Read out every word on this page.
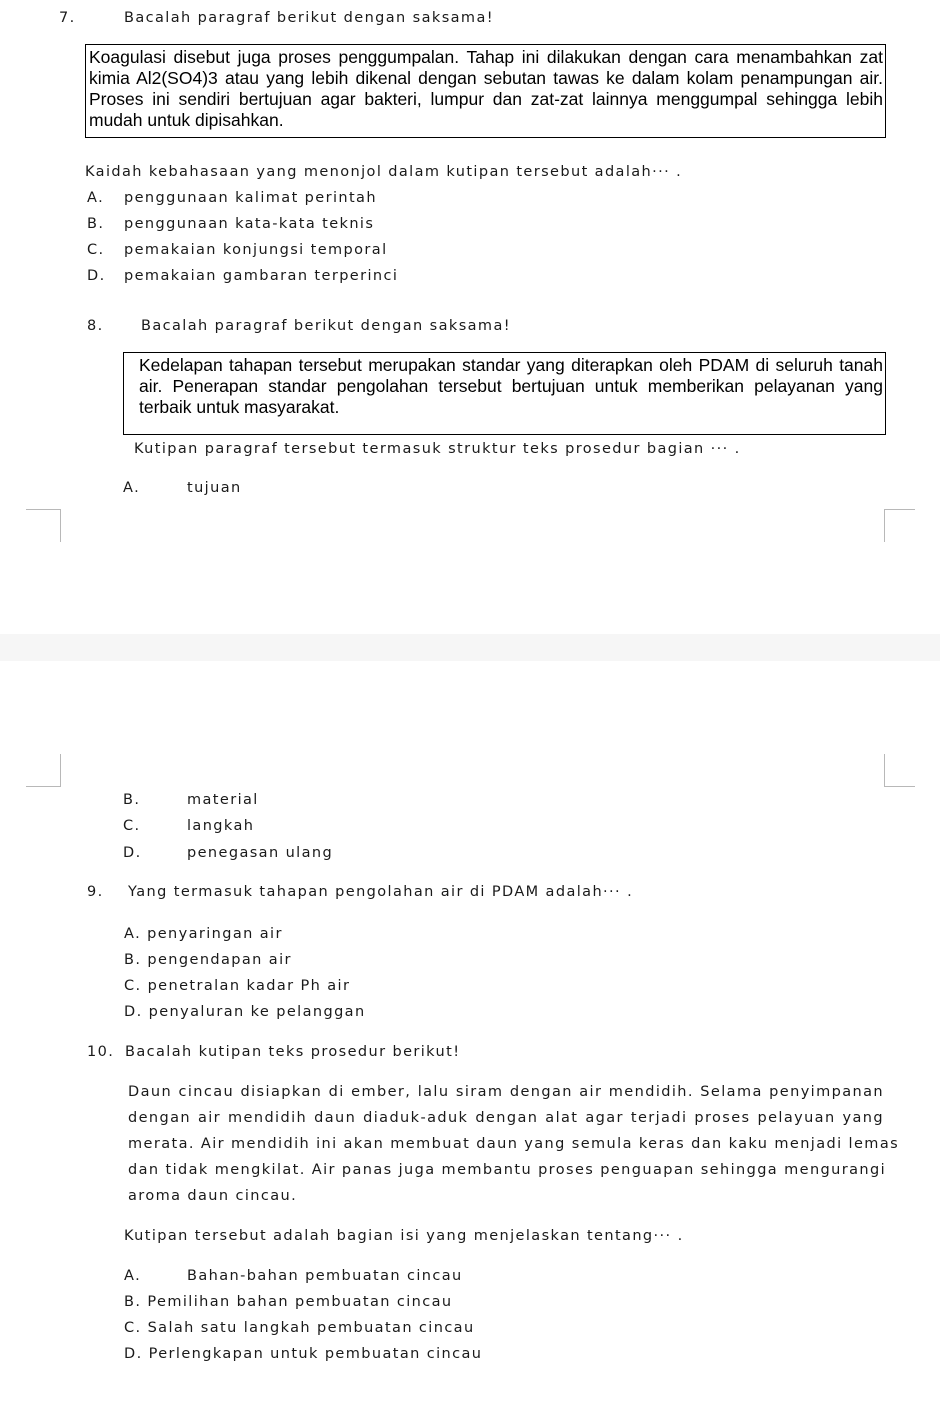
7.	Bacalah paragraf berikut dengan saksama!
Koagulasi disebut juga proses penggumpalan. Tahap ini dilakukan dengan cara menambahkan zat
kimia Al2(SO4)3 atau yang lebih dikenal dengan sebutan tawas ke dalam kolam penampungan air.
Proses ini sendiri bertujuan agar bakteri, lumpur dan zat-zat lainnya menggumpal sehingga lebih
mudah untuk dipisahkan.
Kaidah kebahasaan yang menonjol dalam kutipan tersebut adalah··· .
A. penggunaan kalimat perintah
B. penggunaan kata-kata teknis
C. pemakaian konjungsi temporal
D. pemakaian gambaran terperinci
8.	Bacalah paragraf berikut dengan saksama!
Kedelapan tahapan tersebut merupakan standar yang diterapkan oleh PDAM di seluruh tanah
air. Penerapan standar pengolahan tersebut bertujuan untuk memberikan pelayanan yang
terbaik untuk masyarakat.
Kutipan paragraf tersebut termasuk struktur teks prosedur bagian ··· .
A.	tujuan
B.	material
C.	langkah
D.	penegasan ulang
9. Yang termasuk tahapan pengolahan air di PDAM adalah··· .
A. penyaringan air
B. pengendapan air
C. penetralan kadar Ph air
D. penyaluran ke pelanggan
10. Bacalah kutipan teks prosedur berikut!
Daun cincau disiapkan di ember, lalu siram dengan air mendidih. Selama penyimpanan
dengan air mendidih daun diaduk-aduk dengan alat agar terjadi proses pelayuan yang
merata. Air mendidih ini akan membuat daun yang semula keras dan kaku menjadi lemas
dan tidak mengkilat. Air panas juga membantu proses penguapan sehingga mengurangi
aroma daun cincau.
Kutipan tersebut adalah bagian isi yang menjelaskan tentang··· .
A.	Bahan-bahan pembuatan cincau
B. Pemilihan bahan pembuatan cincau
C. Salah satu langkah pembuatan cincau
D. Perlengkapan untuk pembuatan cincau
